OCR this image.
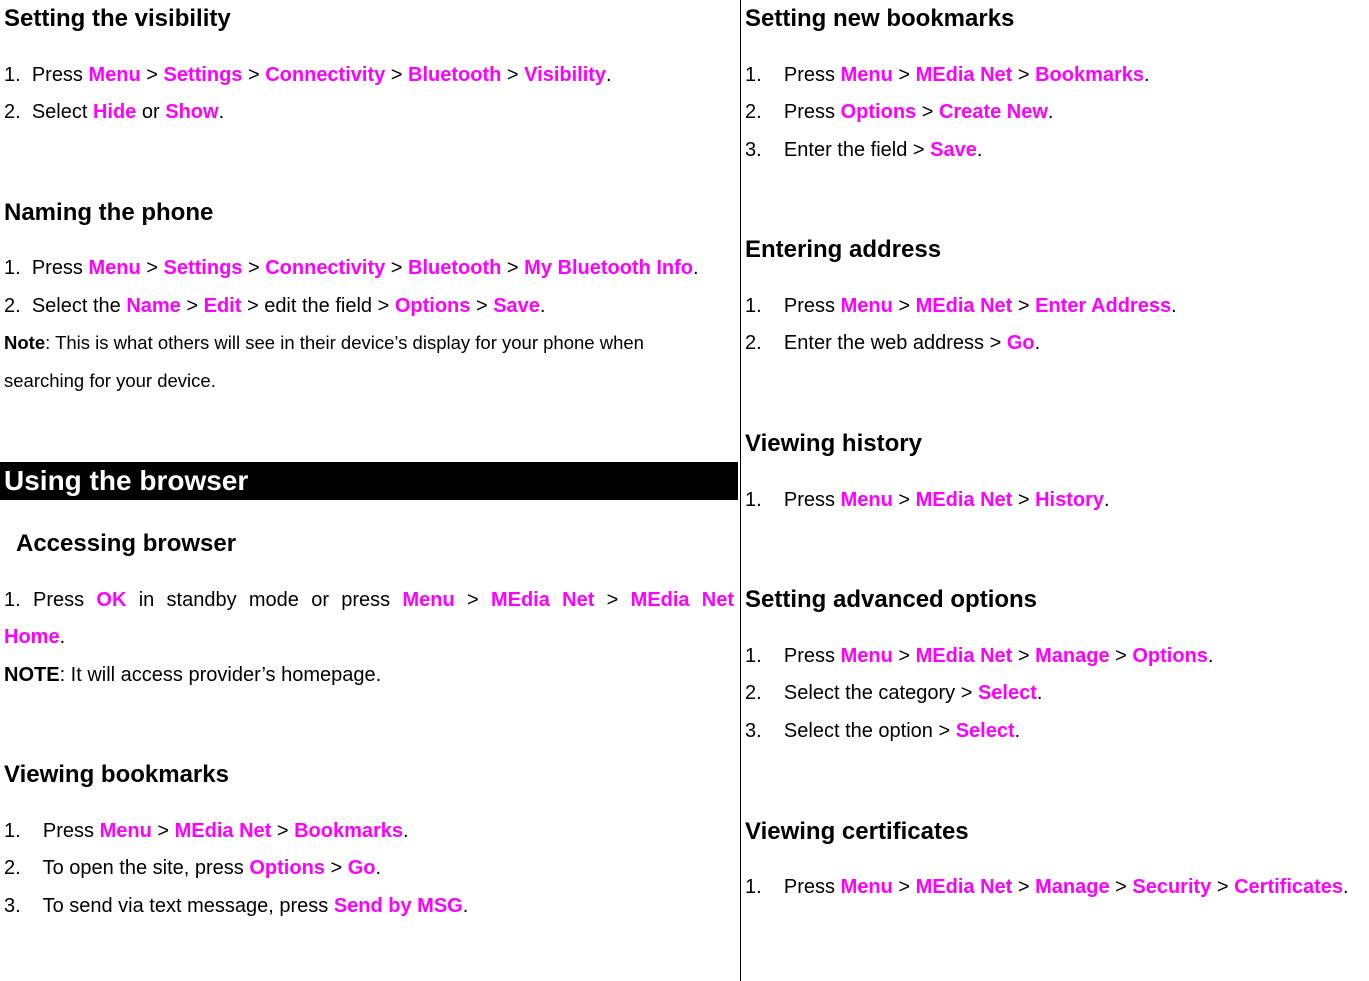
Setting the visibility
1. Press Menu > Settings > Connectivity > Bluetooth > Visibility.
2. Select Hide or Show.
Naming the phone
1. Press Menu > Settings > Connectivity > Bluetooth > My Bluetooth Info.
2. Select the Name > Edit > edit the field > Options > Save.
Note: This is what others will see in their device’s display for your phone when
searching for your device.
Using the browser
Accessing browser
1. Press OK in standby mode or press Menu > MEdia Net > MEdia Net
Home.
NOTE: It will access provider’s homepage.
Viewing bookmarks
1. Press Menu > MEdia Net > Bookmarks.
2. To open the site, press Options > Go.
3. To send via text message, press Send by MSG.
Setting new bookmarks
1. Press Menu > MEdia Net > Bookmarks.
2. Press Options > Create New.
3. Enter the field > Save.
Entering address
1. Press Menu > MEdia Net > Enter Address.
2. Enter the web address > Go.
Viewing history
1. Press Menu > MEdia Net > History.
Setting advanced options
1. Press Menu > MEdia Net > Manage > Options.
2. Select the category > Select.
3. Select the option > Select.
Viewing certificates
1. Press Menu > MEdia Net > Manage > Security > Certificates.
